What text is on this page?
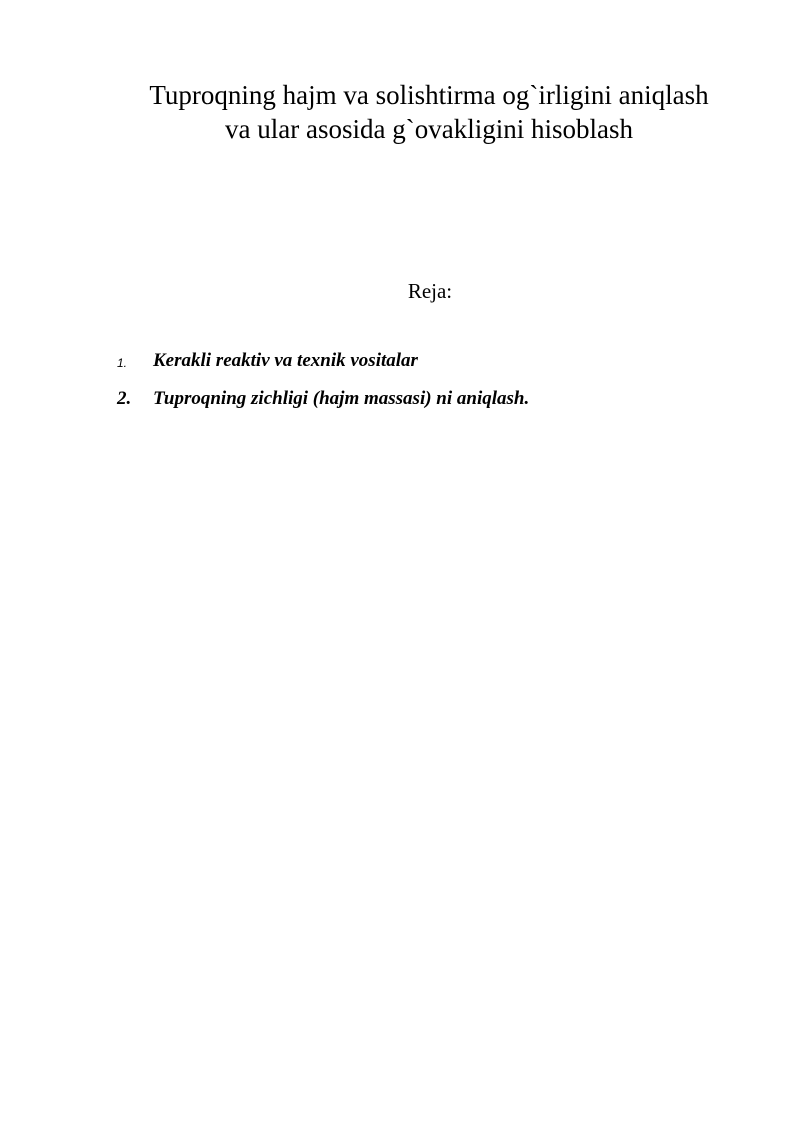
Tuproqning hajm va solishtirma og`irligini aniqlash
va ular asosida g`ovakligini hisoblash
Reja:
1. Kerakli reaktiv va texnik vositalar
2. Tuproqning zichligi (hajm massasi) ni aniqlash.
